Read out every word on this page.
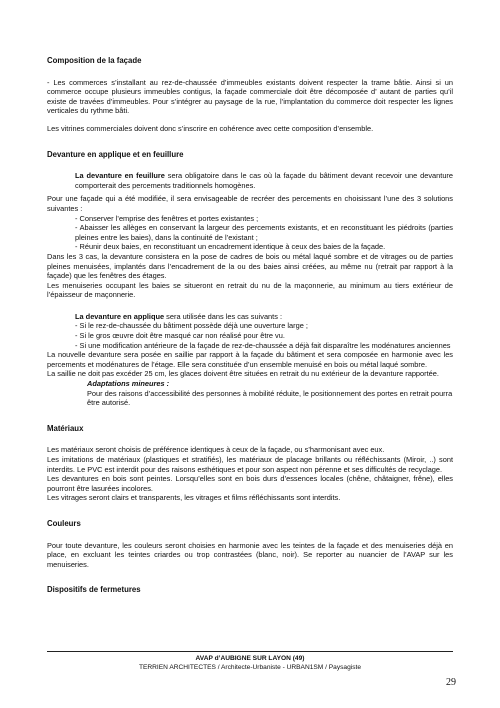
Composition de la façade

- Les commerces s’installant au rez-de-chaussée d’immeubles existants doivent respecter la trame bâtie. Ainsi si un commerce occupe plusieurs immeubles contigus, la façade commerciale doit être décomposée d’ autant de parties qu’il existe de travées d’immeubles. Pour s’intégrer au paysage de la rue, l’implantation du commerce doit respecter les lignes verticales du rythme bâti.

Les vitrines commerciales doivent donc s’inscrire en cohérence avec cette composition d’ensemble.

Devanture en applique et en feuillure

La devanture en feuillure sera obligatoire dans le cas où la façade du bâtiment devant recevoir une devanture comporterait des percements traditionnels homogènes.

Pour une façade qui a été modifiée, il sera envisageable de recréer des percements en choisissant l’une des 3 solutions suivantes :

- Conserver l’emprise des fenêtres et portes existantes ;

- Abaisser les allèges en conservant la largeur des percements existants, et en reconstituant les piédroits (parties pleines entre les baies), dans la continuité de l’existant ;

- Réunir deux baies, en reconstituant un encadrement identique à ceux des baies de la façade.

Dans les 3 cas, la devanture consistera en la pose de cadres de bois ou métal laqué sombre et de vitrages ou de parties pleines menuisées, implantés dans l’encadrement de la ou des baies ainsi créées, au même nu (retrait par rapport à la façade) que les fenêtres des étages.

Les menuiseries occupant les baies se situeront en retrait du nu de la maçonnerie, au minimum au tiers extérieur de l’épaisseur de maçonnerie.

La devanture en applique sera utilisée dans les cas suivants :

- Si le rez-de-chaussée du bâtiment possède déjà une ouverture large ;

- Si le gros œuvre doit être masqué car non réalisé pour être vu.

- Si une modification antérieure de la façade de rez-de-chaussée a déjà fait disparaître les modénatures anciennes

La nouvelle devanture sera posée en saillie par rapport à la façade du bâtiment et sera composée en harmonie avec les percements et modénatures de l’étage. Elle sera constituée d’un ensemble menuisé en bois ou métal laqué sombre.

La saillie ne doit pas excéder 25 cm, les glaces doivent être situées en retrait du nu extérieur de la devanture rapportée.

Adaptations mineures :

Pour des raisons d’accessibilité des personnes à mobilité réduite, le positionnement des portes en retrait pourra être autorisé.

Matériaux

Les matériaux seront choisis de préférence identiques à ceux de la façade, ou s’harmonisant avec eux.

Les imitations de matériaux (plastiques et stratifiés), les matériaux de placage brillants ou réfléchissants (Miroir, ..) sont interdits. Le PVC est interdit pour des raisons esthétiques et pour son aspect non pérenne et ses difficultés de recyclage.

Les devantures en bois sont peintes. Lorsqu’elles sont en bois durs d’essences locales (chêne, châtaigner, frêne), elles pourront être lasurées incolores.

Les vitrages seront clairs et transparents, les vitrages et films réfléchissants sont interdits.

Couleurs

Pour toute devanture, les couleurs seront choisies en harmonie avec les teintes de la façade et des menuiseries déjà en place, en excluant les teintes criardes ou trop contrastées (blanc, noir). Se reporter au nuancier de l’AVAP sur les menuiseries.

Dispositifs de fermetures

AVAP d’AUBIGNE SUR LAYON (49)
TERRIEN ARCHITECTES / Architecte-Urbaniste - URBAN1SM / Paysagiste
29
